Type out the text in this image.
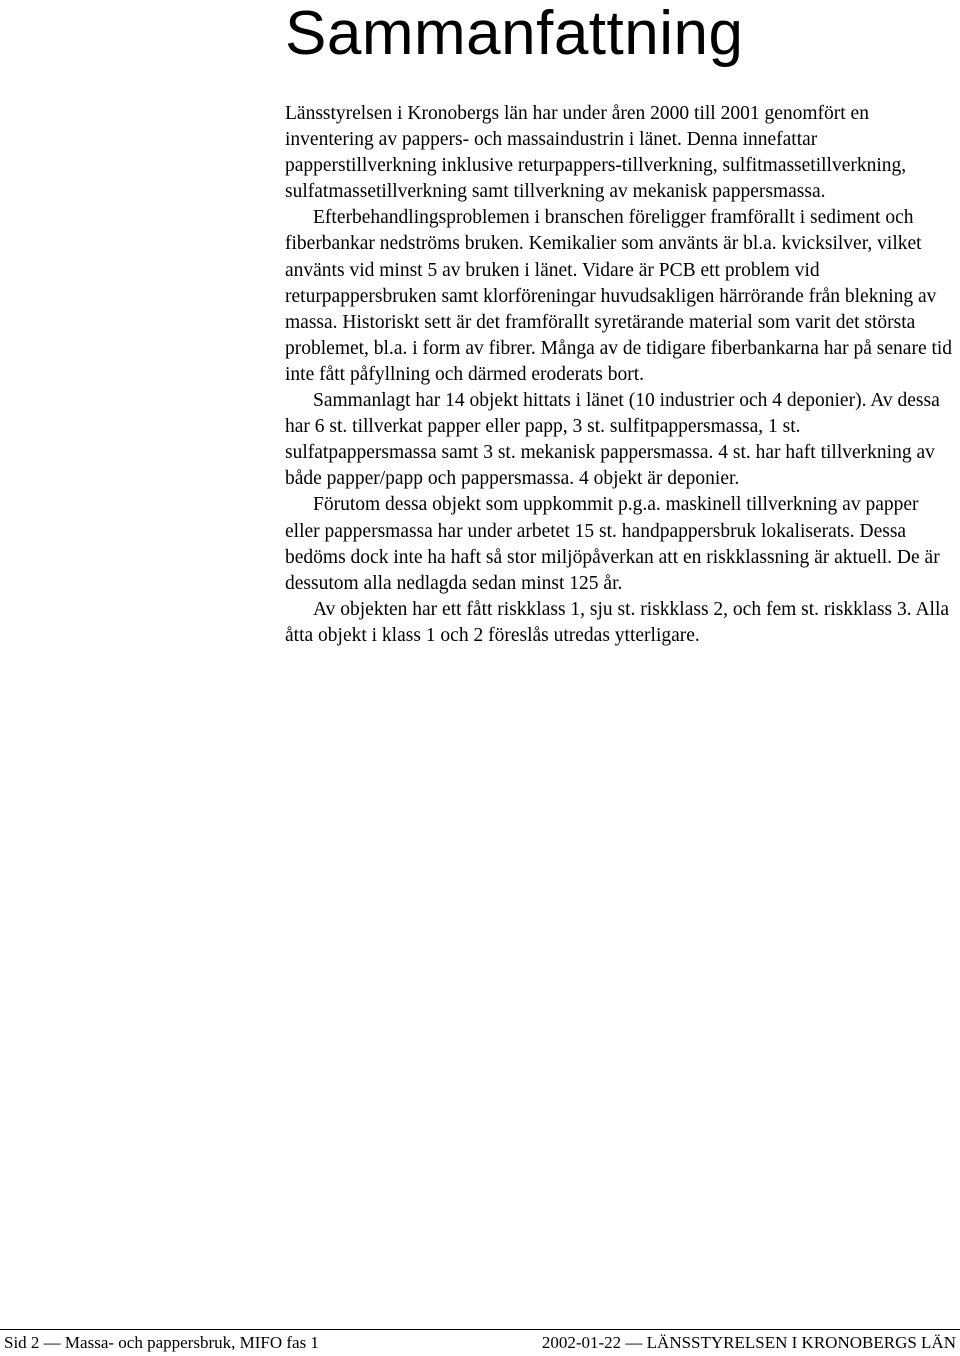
Sammanfattning

Länsstyrelsen i Kronobergs län har under åren 2000 till 2001 genomfört en inventering av pappers- och massaindustrin i länet. Denna innefattar papperstillverkning inklusive returpappers-tillverkning, sulfitmassetillverkning, sulfatmassetillverkning samt tillverkning av mekanisk pappersmassa.

Efterbehandlingsproblemen i branschen föreligger framförallt i sediment och fiberbankar nedströms bruken. Kemikalier som använts är bl.a. kvicksilver, vilket använts vid minst 5 av bruken i länet. Vidare är PCB ett problem vid returpappersbruken samt klorföreningar huvudsakligen härrörande från blekning av massa. Historiskt sett är det framförallt syretärande material som varit det största problemet, bl.a. i form av fibrer. Många av de tidigare fiberbankarna har på senare tid inte fått påfyllning och därmed eroderats bort.

Sammanlagt har 14 objekt hittats i länet (10 industrier och 4 deponier). Av dessa har 6 st. tillverkat papper eller papp, 3 st. sulfitpappersmassa, 1 st. sulfatpappersmassa samt 3 st. mekanisk pappersmassa. 4 st. har haft tillverkning av både papper/papp och pappersmassa. 4 objekt är deponier.

Förutom dessa objekt som uppkommit p.g.a. maskinell tillverkning av papper eller pappersmassa har under arbetet 15 st. handpappersbruk lokaliserats. Dessa bedöms dock inte ha haft så stor miljöpåverkan att en riskklassning är aktuell. De är dessutom alla nedlagda sedan minst 125 år.

Av objekten har ett fått riskklass 1, sju st. riskklass 2, och fem st. riskklass 3. Alla åtta objekt i klass 1 och 2 föreslås utredas ytterligare.

Sid 2 — Massa- och pappersbruk, MIFO fas 1	2002-01-22 — LÄNSSTYRELSEN I KRONOBERGS LÄN
